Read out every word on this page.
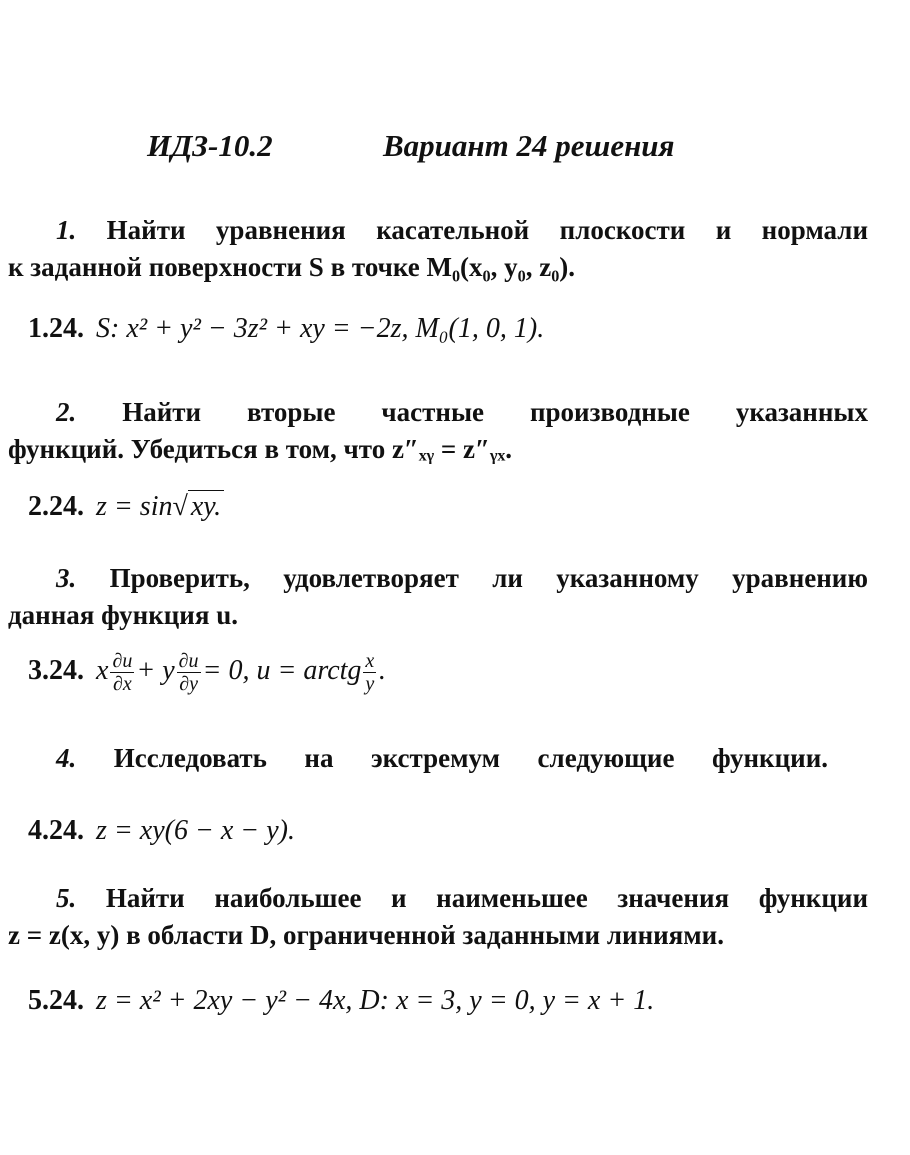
ИДЗ-10.2	Вариант 24 решения

1. Найти уравнения касательной плоскости и нормали

к заданной поверхности S в точке M₀(x₀, y₀, z₀).

1.24. S: x² + y² − 3z² + xy = −2z, M₀(1, 0, 1).

2. Найти вторые частные производные указанных

функций. Убедиться в том, что z″ₓᵧ = z″ᵧₓ.

2.24. z = sin√ xy.

3. Проверить, удовлетворяет ли указанному уравнению

данная функция u.

3.24. x $\frac{\partial u}{\partial x} + y \frac{\partial u}{\partial y} = 0$, u = arctg $\frac{x}{y}$ .

4. Исследовать на экстремум следующие функции.

4.24. z = xy(6 − x − y).

5. Найти наибольшее и наименьшее значения функции

z = z(x, y) в области D, ограниченной заданными линиями.

5.24. z = x² + 2xy − y² − 4x, D: x = 3, y = 0, y = x + 1.
